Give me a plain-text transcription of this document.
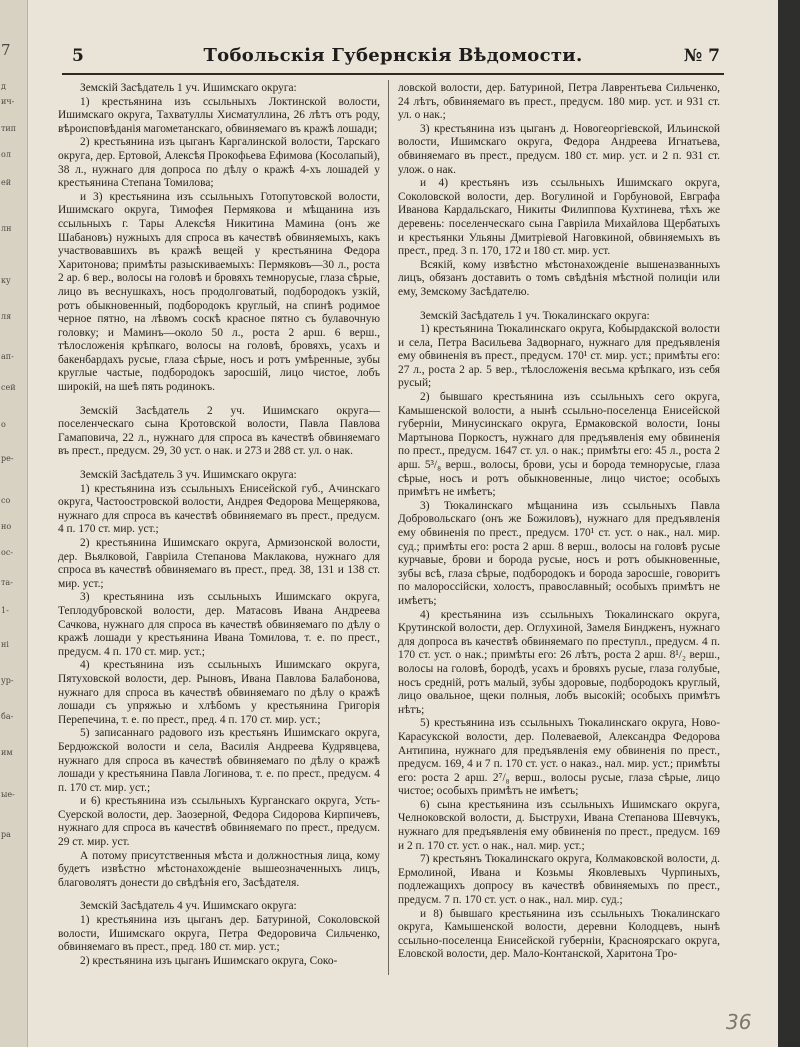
7
д
ич-
тип
ол
ей
лн
ку
ля
ап-
сей
о
ре-
со
но
ос-
та-
1-
ні
ур-
ба-
им
ые-
ра
5	Тобольскія Губернскія Вѣдомости.	№ 7

Земскій Засѣдатель 1 уч. Ишимскаго округа:

1) крестьянина изъ ссыльныхъ Локтинской волости, Ишимскаго округа, Тахватуллы Хисматуллина, 26 лѣтъ отъ роду, вѣроисповѣданія магометанскаго, обвиняемаго въ кражѣ лошади;

2) крестьянина изъ цыганъ Каргалинской волости, Тарскаго округа, дер. Ертовой, Алексѣя Прокофьева Ефимова (Косолапый), 38 л., нужнаго для допроса по дѣлу о кражѣ 4-хъ лошадей у крестьянина Степана Томилова;

и 3) крестьянина изъ ссыльныхъ Готопутовской волости, Ишимскаго округа, Тимофея Пермякова и мѣщанина изъ ссыльныхъ г. Тары Алексѣя Никитина Мамина (онъ же Шабановъ) нужныхъ для спроса въ качествѣ обвиняемыхъ, какъ участвовавшихъ въ кражѣ вещей у крестьянина Федора Харитонова; примѣты разыскиваемыхъ: Пермяковъ—30 л., роста 2 ар. 6 вер., волосы на головѣ и бровяхъ темнорусые, глаза сѣрые, лицо въ веснушкахъ, носъ продолговатый, подбородокъ узкій, ротъ обыкновенный, подбородокъ круглый, на спинѣ родимое черное пятно, на лѣвомъ соскѣ красное пятно съ булавочную головку; и Маминъ—около 50 л., роста 2 арш. 6 верш., тѣлосложенія крѣпкаго, волосы на головѣ, бровяхъ, усахъ и бакенбардахъ русые, глаза сѣрые, носъ и ротъ умѣренные, зубы круглые частые, подбородокъ заросшій, лицо чистое, лобъ широкій, на шеѣ пять родинокъ.

Земскій Засѣдатель 2 уч. Ишимскаго округа—поселенческаго сына Кротовской волости, Павла Павлова Гамаповича, 22 л., нужнаго для спроса въ качествѣ обвиняемаго въ прест., предусм. 29, 30 уст. о нак. и 273 и 288 ст. ул. о нак.

Земскій Засѣдатель 3 уч. Ишимскаго округа:

1) крестьянина изъ ссыльныхъ Енисейской губ., Ачинскаго округа, Частоостровской волости, Андрея Федорова Мещерякова, нужнаго для спроса въ качествѣ обвиняемаго въ прест., предусм. 4 п. 170 ст. мир. уст.;

2) крестьянина Ишимскаго округа, Армизонской волости, дер. Вьялковой, Гавріила Степанова Маклакова, нужнаго для спроса въ качествѣ обвиняемаго въ прест., пред. 38, 131 и 138 ст. мир. уст.;

3) крестьянина изъ ссыльныхъ Ишимскаго округа, Теплодубровской волости, дер. Матасовъ Ивана Андреева Сачкова, нужнаго для спроса въ качествѣ обвиняемаго по дѣлу о кражѣ лошади у крестьянина Ивана Томилова, т. е. по прест., предусм. 4 п. 170 ст. мир. уст.;

4) крестьянина изъ ссыльныхъ Ишимскаго округа, Пятуховской волости, дер. Рыновъ, Ивана Павлова Балабонова, нужнаго для спроса въ качествѣ обвиняемаго по дѣлу о кражѣ лошади съ упряжью и хлѣбомъ у крестьянина Григорія Перепечина, т. е. по прест., пред. 4 п. 170 ст. мир. уст.;

5) записаннаго радового изъ крестьянъ Ишимскаго округа, Бердюжской волости и села, Василія Андреева Кудрявцева, нужнаго для спроса въ качествѣ обвиняемаго по дѣлу о кражѣ лошади у крестьянина Павла Логинова, т. е. по прест., предусм. 4 п. 170 ст. мир. уст.;

и 6) крестьянина изъ ссыльныхъ Курганскаго округа, Усть-Суерской волости, дер. Заозерной, Федора Сидорова Кирпичевъ, нужнаго для спроса въ качествѣ обвиняемаго по прест., предусм. 29 ст. мир. уст.

А потому присутственныя мѣста и должностныя лица, кому будетъ извѣстно мѣстонахожденіе вышеозначенныхъ лицъ, благоволятъ донести до свѣдѣнія его, Засѣдателя.

Земскій Засѣдатель 4 уч. Ишимскаго округа:

1) крестьянина изъ цыганъ дер. Батуриной, Соколовской волости, Ишимскаго округа, Петра Федоровича Сильченко, обвиняемаго въ прест., пред. 180 ст. мир. уст.;

2) крестьянина изъ цыганъ Ишимскаго округа, Соко-

ловской волости, дер. Батуриной, Петра Лаврентьева Сильченко, 24 лѣтъ, обвиняемаго въ прест., предусм. 180 мир. уст. и 931 ст. ул. о нак.;

3) крестьянина изъ цыганъ д. Новогеоргіевской, Ильинской волости, Ишимскаго округа, Федора Андреева Игнатьева, обвиняемаго въ прест., предусм. 180 ст. мир. уст. и 2 п. 931 ст. улож. о нак.

и 4) крестьянъ изъ ссыльныхъ Ишимскаго округа, Соколовской волости, дер. Вогулиной и Горбуновой, Евграфа Иванова Кардальскаго, Никиты Филиппова Кухтинева, тѣхъ же деревень: поселенческаго сына Гавріила Михайлова Щербатыхъ и крестьянки Ульяны Дмитріевой Наговкиной, обвиняемыхъ въ прест., пред. 3 п. 170, 172 и 180 ст. мир. уст.

Всякій, кому извѣстно мѣстонахожденіе вышеназванныхъ лицъ, обязанъ доставить о томъ свѣдѣнія мѣстной полиціи или ему, Земскому Засѣдателю.

Земскій Засѣдатель 1 уч. Тюкалинскаго округа:

1) крестьянина Тюкалинскаго округа, Кобырдакской волости и села, Петра Васильева Задворнаго, нужнаго для предъявленія ему обвиненія въ прест., предусм. 170¹ ст. мир. уст.; примѣты его: 27 л., роста 2 ар. 5 вер., тѣлосложенія весьма крѣпкаго, изъ себя русый;

2) бывшаго крестьянина изъ ссыльныхъ сего округа, Камышенской волости, а нынѣ ссыльно-поселенца Енисейской губерніи, Минусинскаго округа, Ермаковской волости, Іоны Мартынова Поркостъ, нужнаго для предъявленія ему обвиненія по прест., предусм. 1647 ст. ул. о нак.; примѣты его: 45 л., роста 2 арш. 5³/₈ верш., волосы, брови, усы и борода темнорусые, глаза сѣрые, носъ и ротъ обыкновенные, лицо чистое; особыхъ примѣтъ не имѣетъ;

3) Тюкалинскаго мѣщанина изъ ссыльныхъ Павла Добровольскаго (онъ же Божиловъ), нужнаго для предъявленія ему обвиненія по прест., предусм. 170¹ ст. уст. о нак., нал. мир. суд.; примѣты его: роста 2 арш. 8 верш., волосы на головѣ русые курчавые, брови и борода русые, носъ и ротъ обыкновенные, зубы всѣ, глаза сѣрые, подбородокъ и борода заросшіе, говоритъ по малороссійски, холостъ, православный; особыхъ примѣтъ не имѣетъ;

4) крестьянина изъ ссыльныхъ Тюкалинскаго округа, Крутинской волости, дер. Оглухиной, Замеля Биндженъ, нужнаго для допроса въ качествѣ обвиняемаго по преступл., предусм. 4 п. 170 ст. уст. о нак.; примѣты его: 26 лѣтъ, роста 2 арш. 8¹/₂ верш., волосы на головѣ, бородѣ, усахъ и бровяхъ русые, глаза голубые, носъ средній, ротъ малый, зубы здоровые, подбородокъ круглый, лицо овальное, щеки полныя, лобъ высокій; особыхъ примѣтъ нѣтъ;

5) крестьянина изъ ссыльныхъ Тюкалинскаго округа, Ново-Карасукской волости, дер. Полеваевой, Александра Федорова Антипина, нужнаго для предъявленія ему обвиненія по прест., предусм. 169, 4 и 7 п. 170 ст. уст. о наказ., нал. мир. уст.; примѣты его: роста 2 арш. 2⁷/₈ верш., волосы русые, глаза сѣрые, лицо чистое; особыхъ примѣтъ не имѣетъ;

6) сына крестьянина изъ ссыльныхъ Ишимскаго округа, Челноковской волости, д. Быструхи, Ивана Степанова Шевчукъ, нужнаго для предъявленія ему обвиненія по прест., предусм. 169 и 2 п. 170 ст. уст. о нак., нал. мир. уст.;

7) крестьянъ Тюкалинскаго округа, Колмаковской волости, д. Ермолиной, Ивана и Козьмы Яковлевыхъ Чурпиныхъ, подлежащихъ допросу въ качествѣ обвиняемыхъ по прест., предусм. 7 п. 170 ст. уст. о нак., нал. мир. суд.;

и 8) бывшаго крестьянина изъ ссыльныхъ Тюкалинскаго округа, Камышенской волости, деревни Колодцевъ, нынѣ ссыльно-поселенца Енисейской губерніи, Красноярскаго округа, Еловской волости, дер. Мало-Контанской, Харитона Тро-

36
